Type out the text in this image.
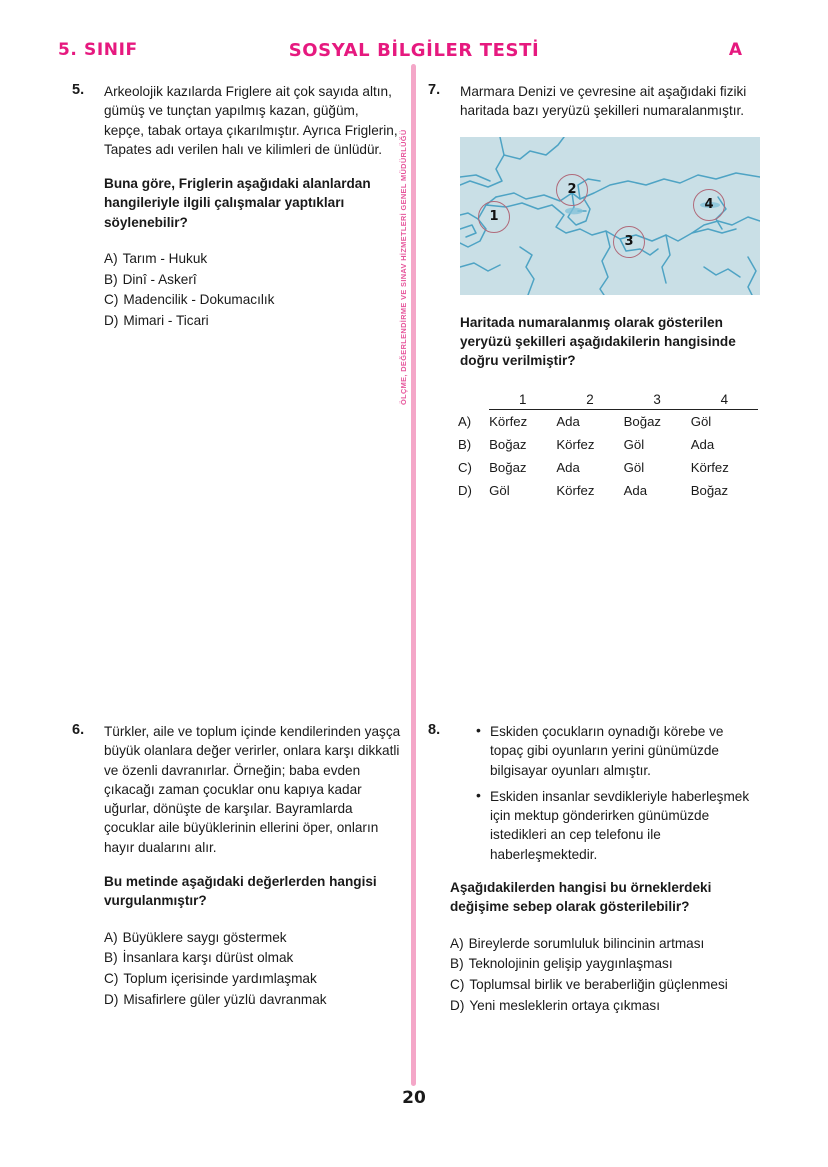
5. SINIF	SOSYAL BİLGİLER TESTİ	A
ÖLÇME, DEĞERLENDİRME VE SINAV HİZMETLERİ GENEL MÜDÜRLÜĞÜ
5.	Arkeolojik kazılarda Friglere ait çok sayıda altın, gümüş ve tunçtan yapılmış kazan, güğüm, kepçe, tabak ortaya çıkarılmıştır. Ayrıca Friglerin, Tapates adı verilen halı ve kilimleri de ünlüdür.
Buna göre, Friglerin aşağıdaki alanlardan hangileriyle ilgili çalışmalar yaptıkları söylenebilir?
A) Tarım - Hukuk
B) Dinî - Askerî
C) Madencilik - Dokumacılık
D) Mimari - Ticari
6.	Türkler, aile ve toplum içinde kendilerinden yaşça büyük olanlara değer verirler, onlara karşı dikkatli ve özenli davranırlar. Örneğin; baba evden çıkacağı zaman çocuklar onu kapıya kadar uğurlar, dönüşte de karşılar. Bayramlarda çocuklar aile büyüklerinin ellerini öper, onların hayır dualarını alır.
Bu metinde aşağıdaki değerlerden hangisi vurgulanmıştır?
A) Büyüklere saygı göstermek
B) İnsanlara karşı dürüst olmak
C) Toplum içerisinde yardımlaşmak
D) Misafirlere güler yüzlü davranmak
7.	Marmara Denizi ve çevresine ait aşağıdaki fiziki haritada bazı yeryüzü şekilleri numaralanmıştır.
1
2
3
4
Haritada numaralanmış olarak gösterilen yeryüzü şekilleri aşağıdakilerin hangisinde doğru verilmiştir?
	1	2	3	4
A)	Körfez	Ada	Boğaz	Göl
B)	Boğaz	Körfez	Göl	Ada
C)	Boğaz	Ada	Göl	Körfez
D)	Göl	Körfez	Ada	Boğaz
8.	• Eskiden çocukların oynadığı körebe ve topaç gibi oyunların yerini günümüzde bilgisayar oyunları almıştır.
• Eskiden insanlar sevdikleriyle haberleşmek için mektup gönderirken günümüzde istedikleri an cep telefonu ile haberleşmektedir.
Aşağıdakilerden hangisi bu örneklerdeki değişime sebep olarak gösterilebilir?
A) Bireylerde sorumluluk bilincinin artması
B) Teknolojinin gelişip yaygınlaşması
C) Toplumsal birlik ve beraberliğin güçlenmesi
D) Yeni mesleklerin ortaya çıkması
20
